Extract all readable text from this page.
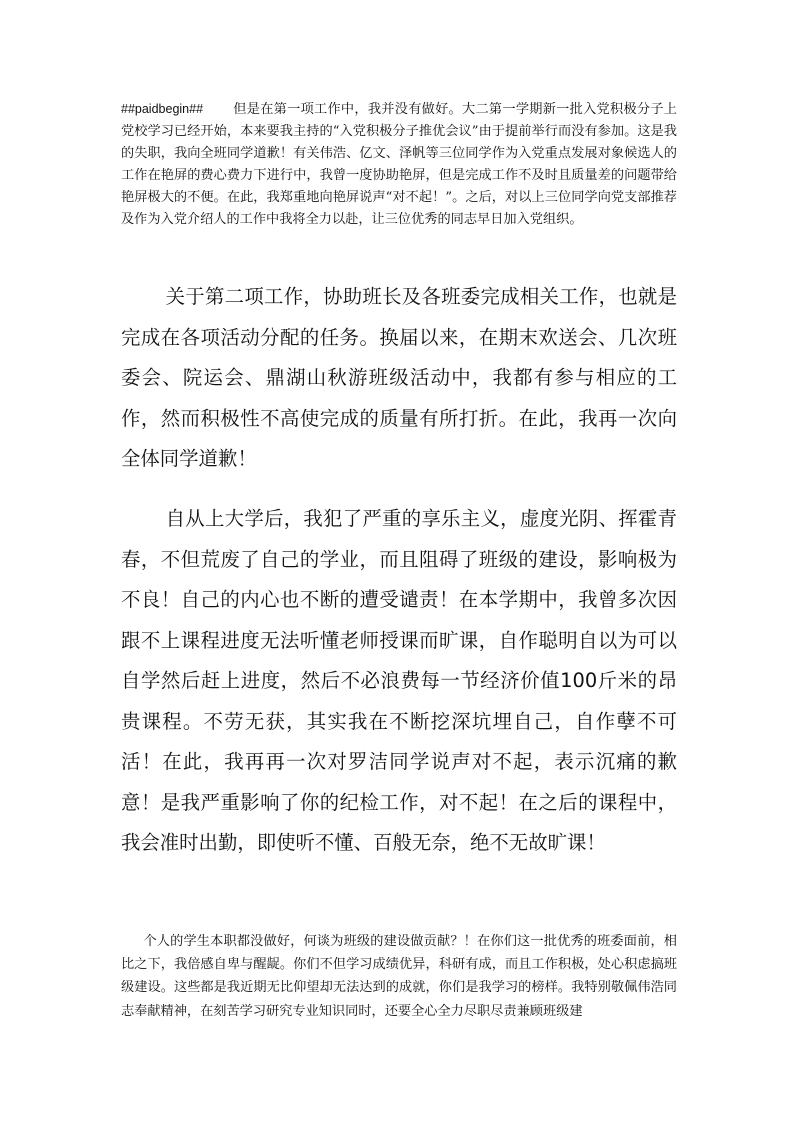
##paidbegin## 但是在第一项工作中，我并没有做好。大二第一学期新一批入党积极分子上党校学习已经开始，本来要我主持的“入党积极分子推优会议”由于提前举行而没有参加。这是我的失职，我向全班同学道歉！有关伟浩、亿文、泽帆等三位同学作为入党重点发展对象候选人的工作在艳屏的费心费力下进行中，我曾一度协助艳屏，但是完成工作不及时且质量差的问题带给艳屏极大的不便。在此，我郑重地向艳屏说声“对不起！”。之后，对以上三位同学向党支部推荐及作为入党介绍人的工作中我将全力以赴，让三位优秀的同志早日加入党组织。

关于第二项工作，协助班长及各班委完成相关工作，也就是完成在各项活动分配的任务。换届以来，在期末欢送会、几次班委会、院运会、鼎湖山秋游班级活动中，我都有参与相应的工作，然而积极性不高使完成的质量有所打折。在此，我再一次向全体同学道歉！

自从上大学后，我犯了严重的享乐主义，虚度光阴、挥霍青春，不但荒废了自己的学业，而且阻碍了班级的建设，影响极为不良！自己的内心也不断的遭受谴责！在本学期中，我曾多次因跟不上课程进度无法听懂老师授课而旷课，自作聪明自以为可以自学然后赶上进度，然后不必浪费每一节经济价值100斤米的昂贵课程。不劳无获，其实我在不断挖深坑埋自己，自作孽不可活！在此，我再再一次对罗洁同学说声对不起，表示沉痛的歉意！是我严重影响了你的纪检工作，对不起！在之后的课程中，我会准时出勤，即使听不懂、百般无奈，绝不无故旷课！

个人的学生本职都没做好，何谈为班级的建设做贡献？！在你们这一批优秀的班委面前，相比之下，我倍感自卑与醒龊。你们不但学习成绩优异，科研有成，而且工作积极，处心积虑搞班级建设。这些都是我近期无比仰望却无法达到的成就，你们是我学习的榜样。我特别敬佩伟浩同志奉献精神，在刻苦学习研究专业知识同时，还要全心全力尽职尽责兼顾班级建
